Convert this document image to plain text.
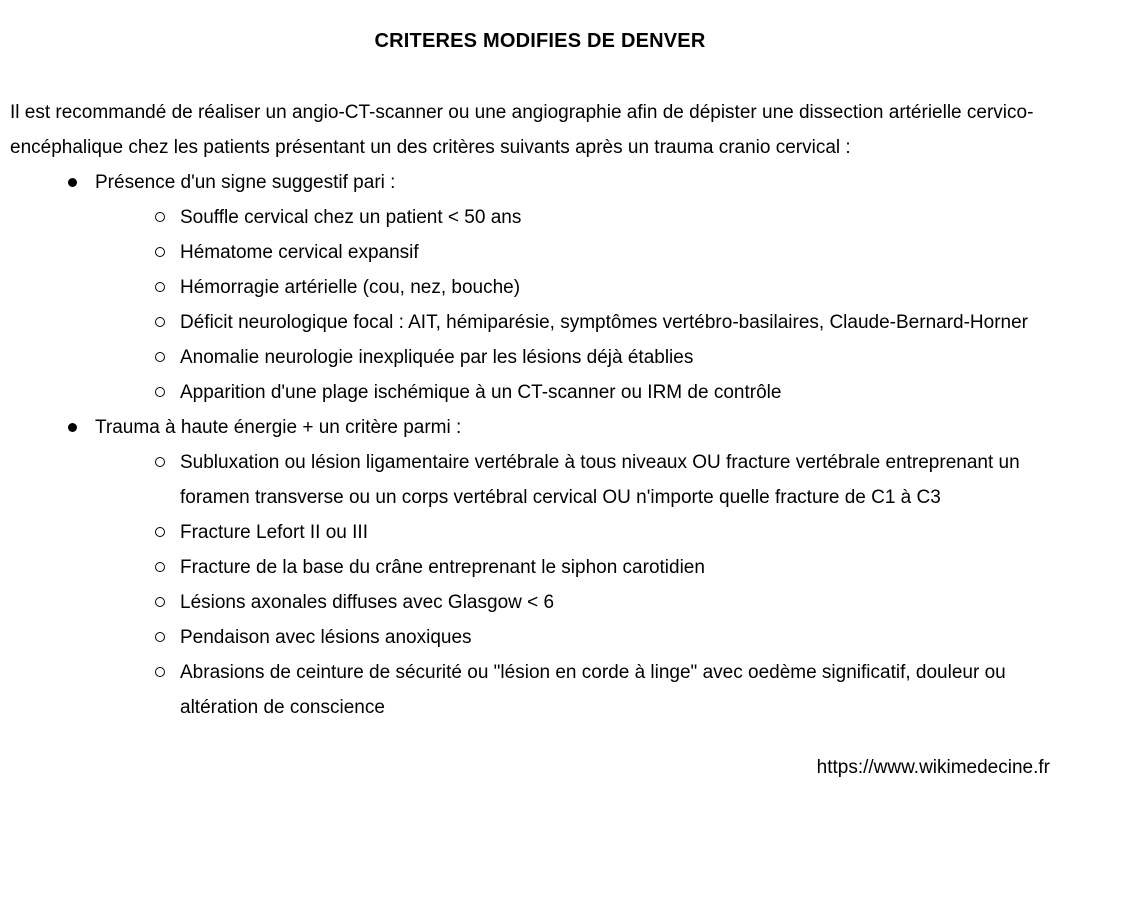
CRITERES MODIFIES DE DENVER

Il est recommandé de réaliser un angio-CT-scanner ou une angiographie afin de dépister une dissection artérielle cervico-encéphalique chez les patients présentant un des critères suivants après un trauma cranio cervical :

Présence d'un signe suggestif pari :
Souffle cervical chez un patient < 50 ans
Hématome cervical expansif
Hémorragie artérielle (cou, nez, bouche)
Déficit neurologique focal : AIT, hémiparésie, symptômes vertébro-basilaires, Claude-Bernard-Horner
Anomalie neurologie inexpliquée par les lésions déjà établies
Apparition d'une plage ischémique à un CT-scanner ou IRM de contrôle
Trauma à haute énergie + un critère parmi :
Subluxation ou lésion ligamentaire vertébrale à tous niveaux OU fracture vertébrale entreprenant un foramen transverse ou un corps vertébral cervical OU n'importe quelle fracture de C1 à C3
Fracture Lefort II ou III
Fracture de la base du crâne entreprenant le siphon carotidien
Lésions axonales diffuses avec Glasgow < 6
Pendaison avec lésions anoxiques
Abrasions de ceinture de sécurité ou "lésion en corde à linge" avec oedème significatif, douleur ou altération de conscience
https://www.wikimedecine.fr
